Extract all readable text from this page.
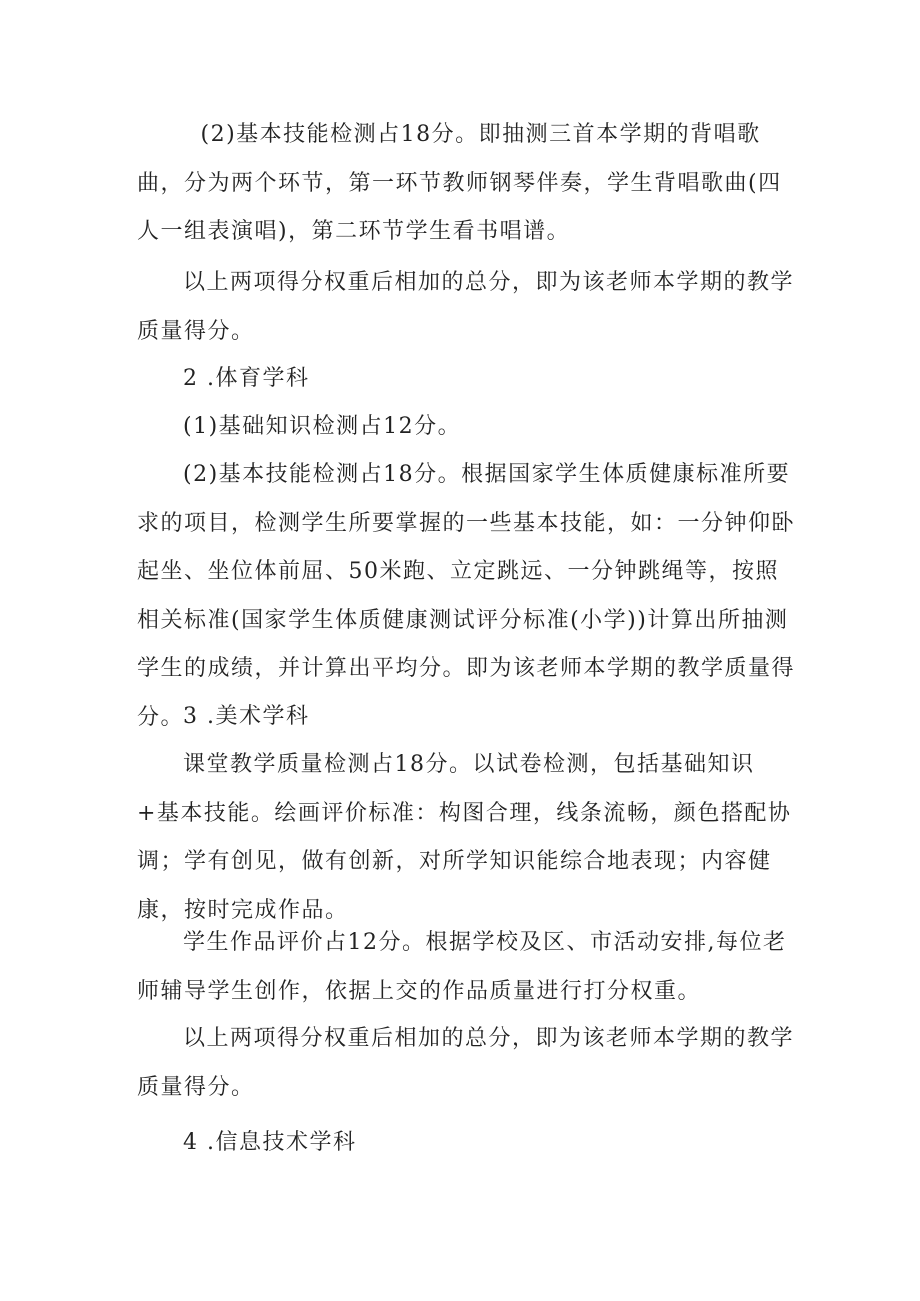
(2)基本技能检测占18分。即抽测三首本学期的背唱歌曲，分为两个环节，第一环节教师钢琴伴奏，学生背唱歌曲(四人一组表演唱)，第二环节学生看书唱谱。

以上两项得分权重后相加的总分，即为该老师本学期的教学质量得分。

2 .体育学科

(1)基础知识检测占12分。

(2)基本技能检测占18分。根据国家学生体质健康标准所要求的项目，检测学生所要掌握的一些基本技能，如：一分钟仰卧起坐、坐位体前屈、50米跑、立定跳远、一分钟跳绳等，按照相关标准(国家学生体质健康测试评分标准(小学))计算出所抽测学生的成绩，并计算出平均分。即为该老师本学期的教学质量得分。

3 .美术学科

课堂教学质量检测占18分。以试卷检测，包括基础知识+基本技能。绘画评价标准：构图合理，线条流畅，颜色搭配协调；学有创见，做有创新，对所学知识能综合地表现；内容健康，按时完成作品。

学生作品评价占12分。根据学校及区、市活动安排,每位老师辅导学生创作，依据上交的作品质量进行打分权重。

以上两项得分权重后相加的总分，即为该老师本学期的教学质量得分。

4 .信息技术学科
